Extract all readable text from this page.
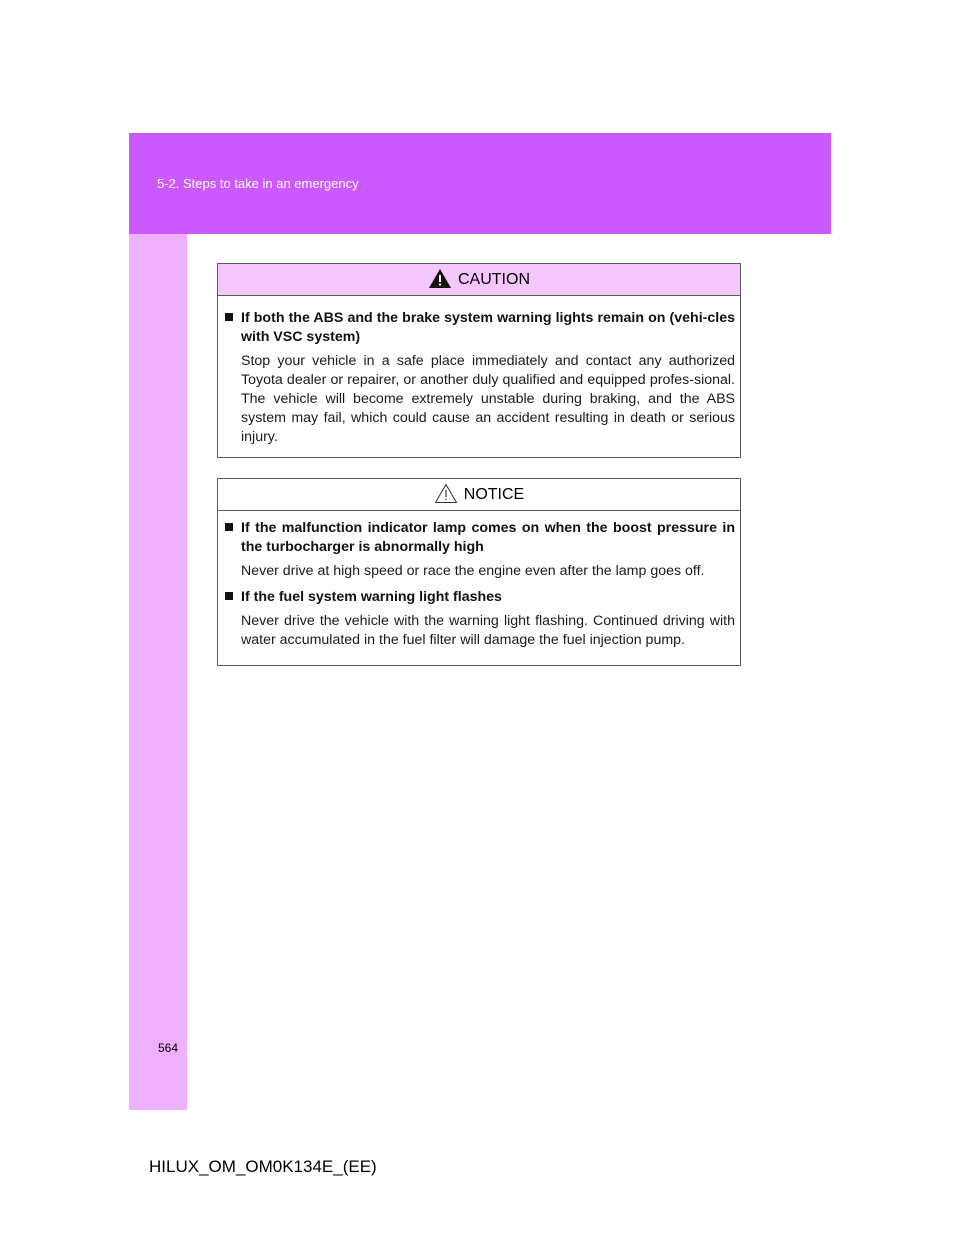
5-2. Steps to take in an emergency
CAUTION
If both the ABS and the brake system warning lights remain on (vehi-cles with VSC system)
Stop your vehicle in a safe place immediately and contact any authorized Toyota dealer or repairer, or another duly qualified and equipped profes-sional. The vehicle will become extremely unstable during braking, and the ABS system may fail, which could cause an accident resulting in death or serious injury.
NOTICE
If the malfunction indicator lamp comes on when the boost pressure in the turbocharger is abnormally high
Never drive at high speed or race the engine even after the lamp goes off.
If the fuel system warning light flashes
Never drive the vehicle with the warning light flashing. Continued driving with water accumulated in the fuel filter will damage the fuel injection pump.
564
HILUX_OM_OM0K134E_(EE)
